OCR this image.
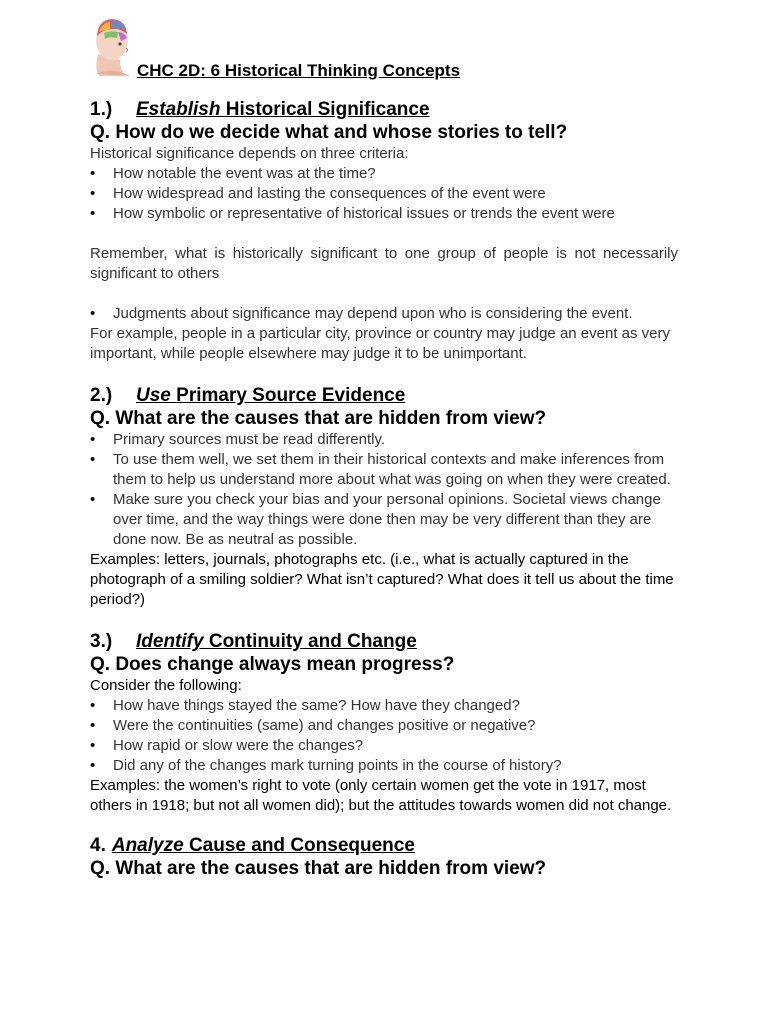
CHC 2D: 6 Historical Thinking Concepts
1.) Establish Historical Significance
Q. How do we decide what and whose stories to tell?
Historical significance depends on three criteria:
• How notable the event was at the time?
• How widespread and lasting the consequences of the event were
• How symbolic or representative of historical issues or trends the event were
Remember, what is historically significant to one group of people is not necessarily significant to others
• Judgments about significance may depend upon who is considering the event.
For example, people in a particular city, province or country may judge an event as very important, while people elsewhere may judge it to be unimportant.
2.) Use Primary Source Evidence
Q. What are the causes that are hidden from view?
• Primary sources must be read differently.
• To use them well, we set them in their historical contexts and make inferences from them to help us understand more about what was going on when they were created.
• Make sure you check your bias and your personal opinions. Societal views change over time, and the way things were done then may be very different than they are done now. Be as neutral as possible.
Examples: letters, journals, photographs etc. (i.e., what is actually captured in the photograph of a smiling soldier? What isn’t captured? What does it tell us about the time period?)
3.) Identify Continuity and Change
Q. Does change always mean progress?
Consider the following:
• How have things stayed the same? How have they changed?
• Were the continuities (same) and changes positive or negative?
• How rapid or slow were the changes?
• Did any of the changes mark turning points in the course of history?
Examples: the women’s right to vote (only certain women get the vote in 1917, most others in 1918; but not all women did); but the attitudes towards women did not change.
4. Analyze Cause and Consequence
Q. What are the causes that are hidden from view?
